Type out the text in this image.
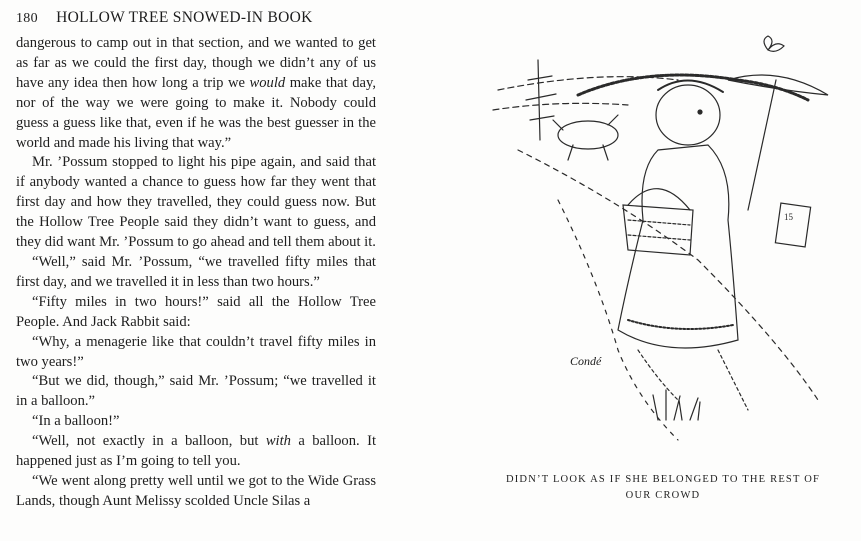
180 HOLLOW TREE SNOWED-IN BOOK

dangerous to camp out in that section, and we wanted to get as far as we could the first day, though we didn’t any of us have any idea then how long a trip we would make that day, nor of the way we were going to make it. Nobody could guess a guess like that, even if he was the best guesser in the world and made his living that way.”

Mr. ’Possum stopped to light his pipe again, and said that if anybody wanted a chance to guess how far they went that first day and how they travelled, they could guess now. But the Hollow Tree People said they didn’t want to guess, and they did want Mr. ’Possum to go ahead and tell them about it.

“Well,” said Mr. ’Possum, “we travelled fifty miles that first day, and we travelled it in less than two hours.”

“Fifty miles in two hours!” said all the Hollow Tree People. And Jack Rabbit said:

“Why, a menagerie like that couldn’t travel fifty miles in two years!”

“But we did, though,” said Mr. ’Possum; “we travelled it in a balloon.”

“In a balloon!”

“Well, not exactly in a balloon, but with a balloon. It happened just as I’m going to tell you.

“We went along pretty well until we got to the Wide Grass Lands, though Aunt Melissy scolded Uncle Silas a

15
Condé
DIDN’T LOOK AS IF SHE BELONGED TO THE REST OF
OUR CROWD
